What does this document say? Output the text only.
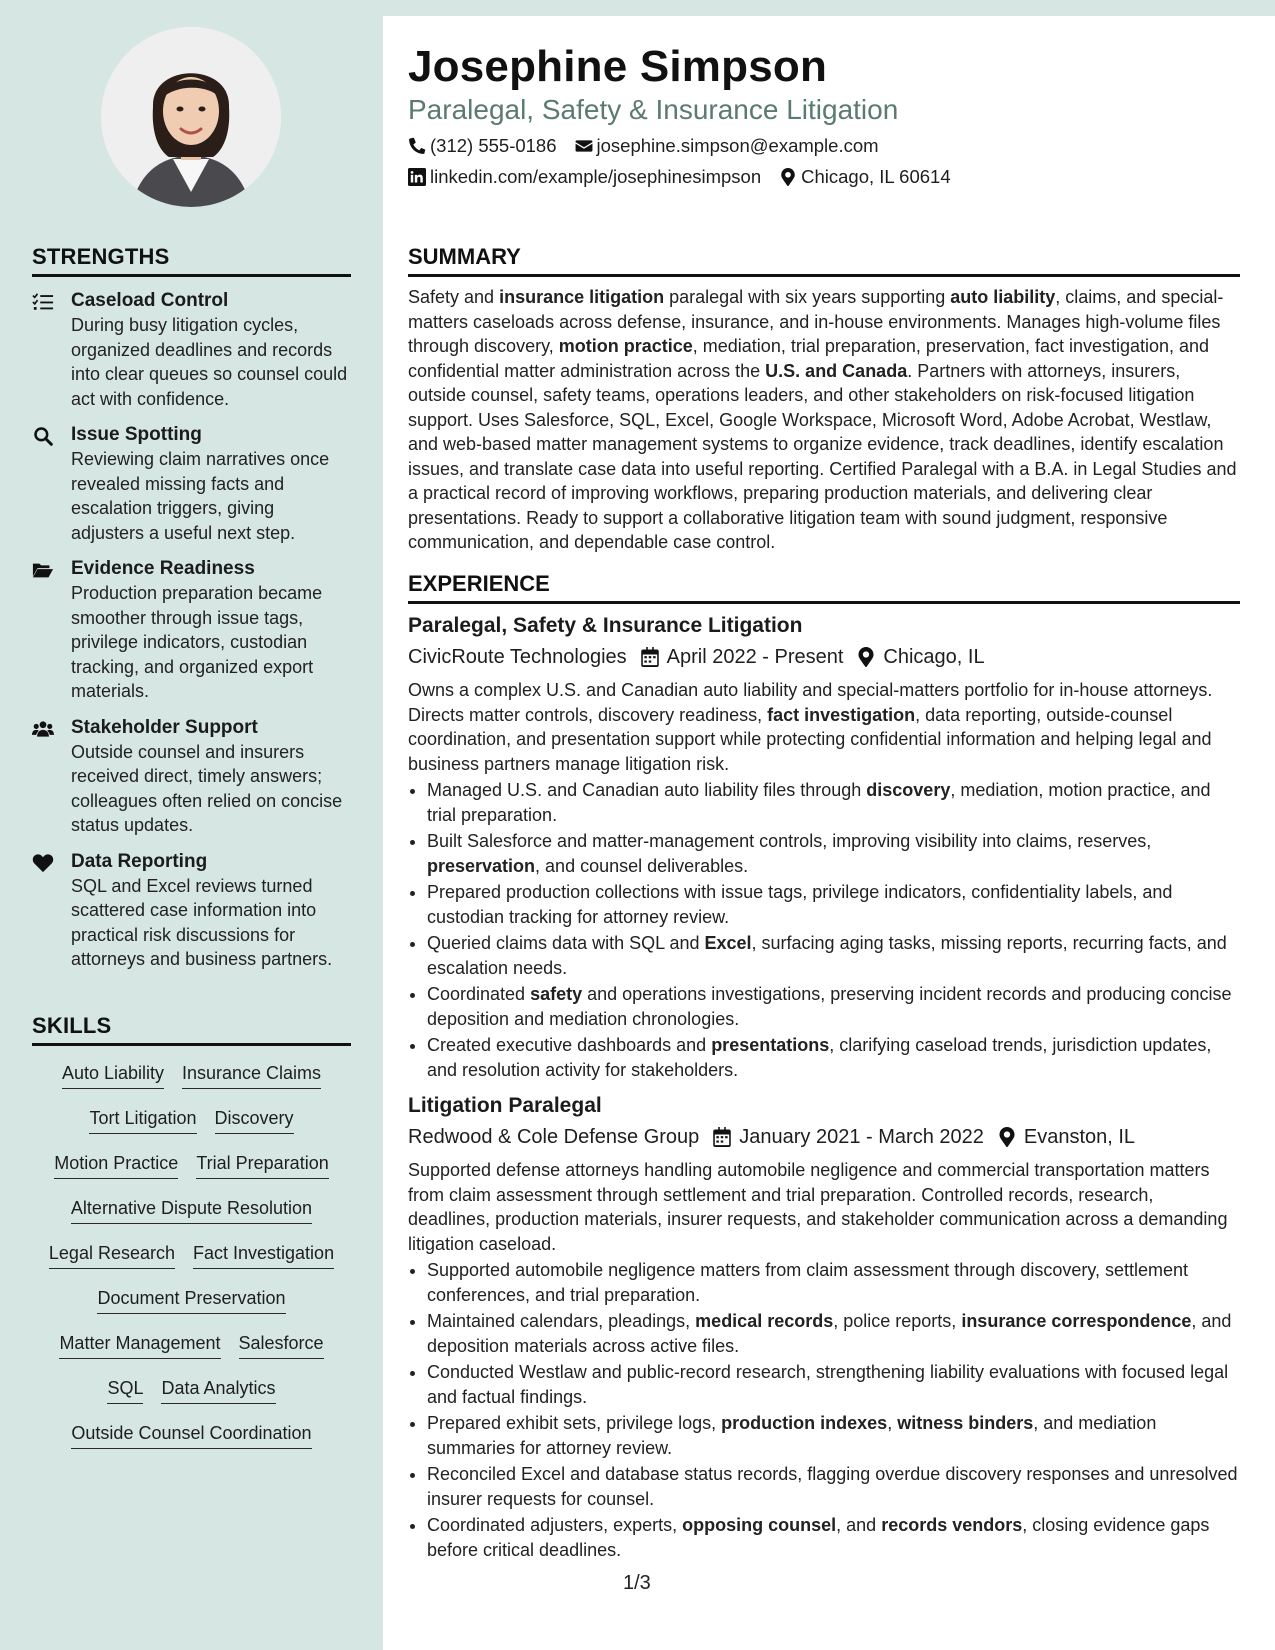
STRENGTHS
Caseload Control
During busy litigation cycles, organized deadlines and records into clear queues so counsel could act with confidence.
Issue Spotting
Reviewing claim narratives once revealed missing facts and escalation triggers, giving adjusters a useful next step.
Evidence Readiness
Production preparation became smoother through issue tags, privilege indicators, custodian tracking, and organized export materials.
Stakeholder Support
Outside counsel and insurers received direct, timely answers; colleagues often relied on concise status updates.
Data Reporting
SQL and Excel reviews turned scattered case information into practical risk discussions for attorneys and business partners.
SKILLS
Auto Liability Insurance Claims
Tort Litigation Discovery
Motion Practice Trial Preparation
Alternative Dispute Resolution
Legal Research Fact Investigation
Document Preservation
Matter Management Salesforce
SQL Data Analytics
Outside Counsel Coordination
Josephine Simpson
Paralegal, Safety & Insurance Litigation
(312) 555-0186 josephine.simpson@example.com
linkedin.com/example/josephinesimpson Chicago, IL 60614
SUMMARY

Safety and insurance litigation paralegal with six years supporting auto liability, claims, and special-matters caseloads across defense, insurance, and in-house environments. Manages high-volume files through discovery, motion practice, mediation, trial preparation, preservation, fact investigation, and confidential matter administration across the U.S. and Canada. Partners with attorneys, insurers, outside counsel, safety teams, operations leaders, and other stakeholders on risk-focused litigation support. Uses Salesforce, SQL, Excel, Google Workspace, Microsoft Word, Adobe Acrobat, Westlaw, and web-based matter management systems to organize evidence, track deadlines, identify escalation issues, and translate case data into useful reporting. Certified Paralegal with a B.A. in Legal Studies and a practical record of improving workflows, preparing production materials, and delivering clear presentations. Ready to support a collaborative litigation team with sound judgment, responsive communication, and dependable case control.

EXPERIENCE
Paralegal, Safety & Insurance Litigation
CivicRoute Technologies April 2022 - Present Chicago, IL

Owns a complex U.S. and Canadian auto liability and special-matters portfolio for in-house attorneys. Directs matter controls, discovery readiness, fact investigation, data reporting, outside-counsel coordination, and presentation support while protecting confidential information and helping legal and business partners manage litigation risk.

• Managed U.S. and Canadian auto liability files through discovery, mediation, motion practice, and trial preparation.
• Built Salesforce and matter-management controls, improving visibility into claims, reserves, preservation, and counsel deliverables.
• Prepared production collections with issue tags, privilege indicators, confidentiality labels, and custodian tracking for attorney review.
• Queried claims data with SQL and Excel, surfacing aging tasks, missing reports, recurring facts, and escalation needs.
• Coordinated safety and operations investigations, preserving incident records and producing concise deposition and mediation chronologies.
• Created executive dashboards and presentations, clarifying caseload trends, jurisdiction updates, and resolution activity for stakeholders.
Litigation Paralegal
Redwood & Cole Defense Group January 2021 - March 2022 Evanston, IL

Supported defense attorneys handling automobile negligence and commercial transportation matters from claim assessment through settlement and trial preparation. Controlled records, research, deadlines, production materials, insurer requests, and stakeholder communication across a demanding litigation caseload.

• Supported automobile negligence matters from claim assessment through discovery, settlement conferences, and trial preparation.
• Maintained calendars, pleadings, medical records, police reports, insurance correspondence, and deposition materials across active files.
• Conducted Westlaw and public-record research, strengthening liability evaluations with focused legal and factual findings.
• Prepared exhibit sets, privilege logs, production indexes, witness binders, and mediation summaries for attorney review.
• Reconciled Excel and database status records, flagging overdue discovery responses and unresolved insurer requests for counsel.
• Coordinated adjusters, experts, opposing counsel, and records vendors, closing evidence gaps before critical deadlines.
1/3
